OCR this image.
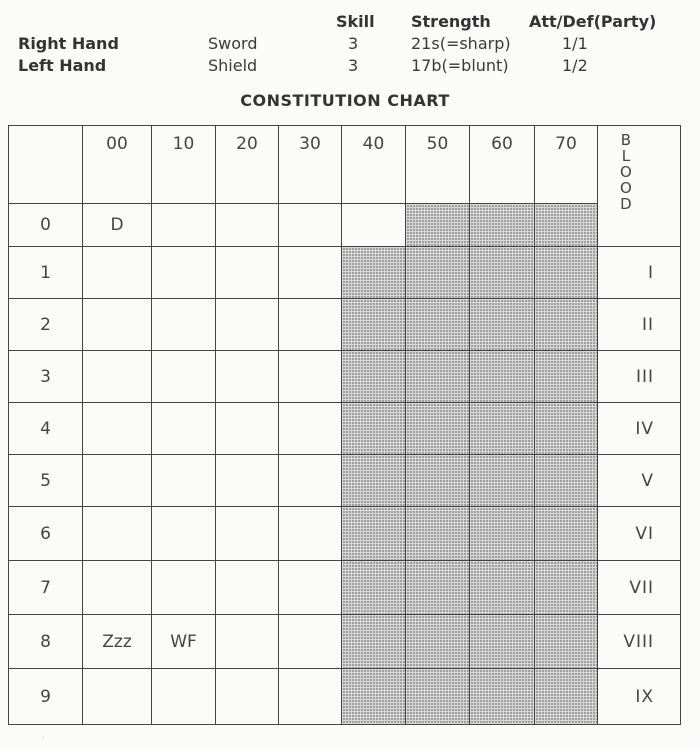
Skill Strength Att/Def(Party)
Right Hand	Sword	3	21s(=sharp)	1/1
Left Hand	Shield	3	17b(=blunt)	1/2
CONSTITUTION CHART
	00	10	20	30	40	50	60	70	B
L
O
O
D

0	D								
1									I
2									II
3									III
4									IV
5									V
6									VI
7									VII
8	Zzz	WF							VIII
9									IX
·
